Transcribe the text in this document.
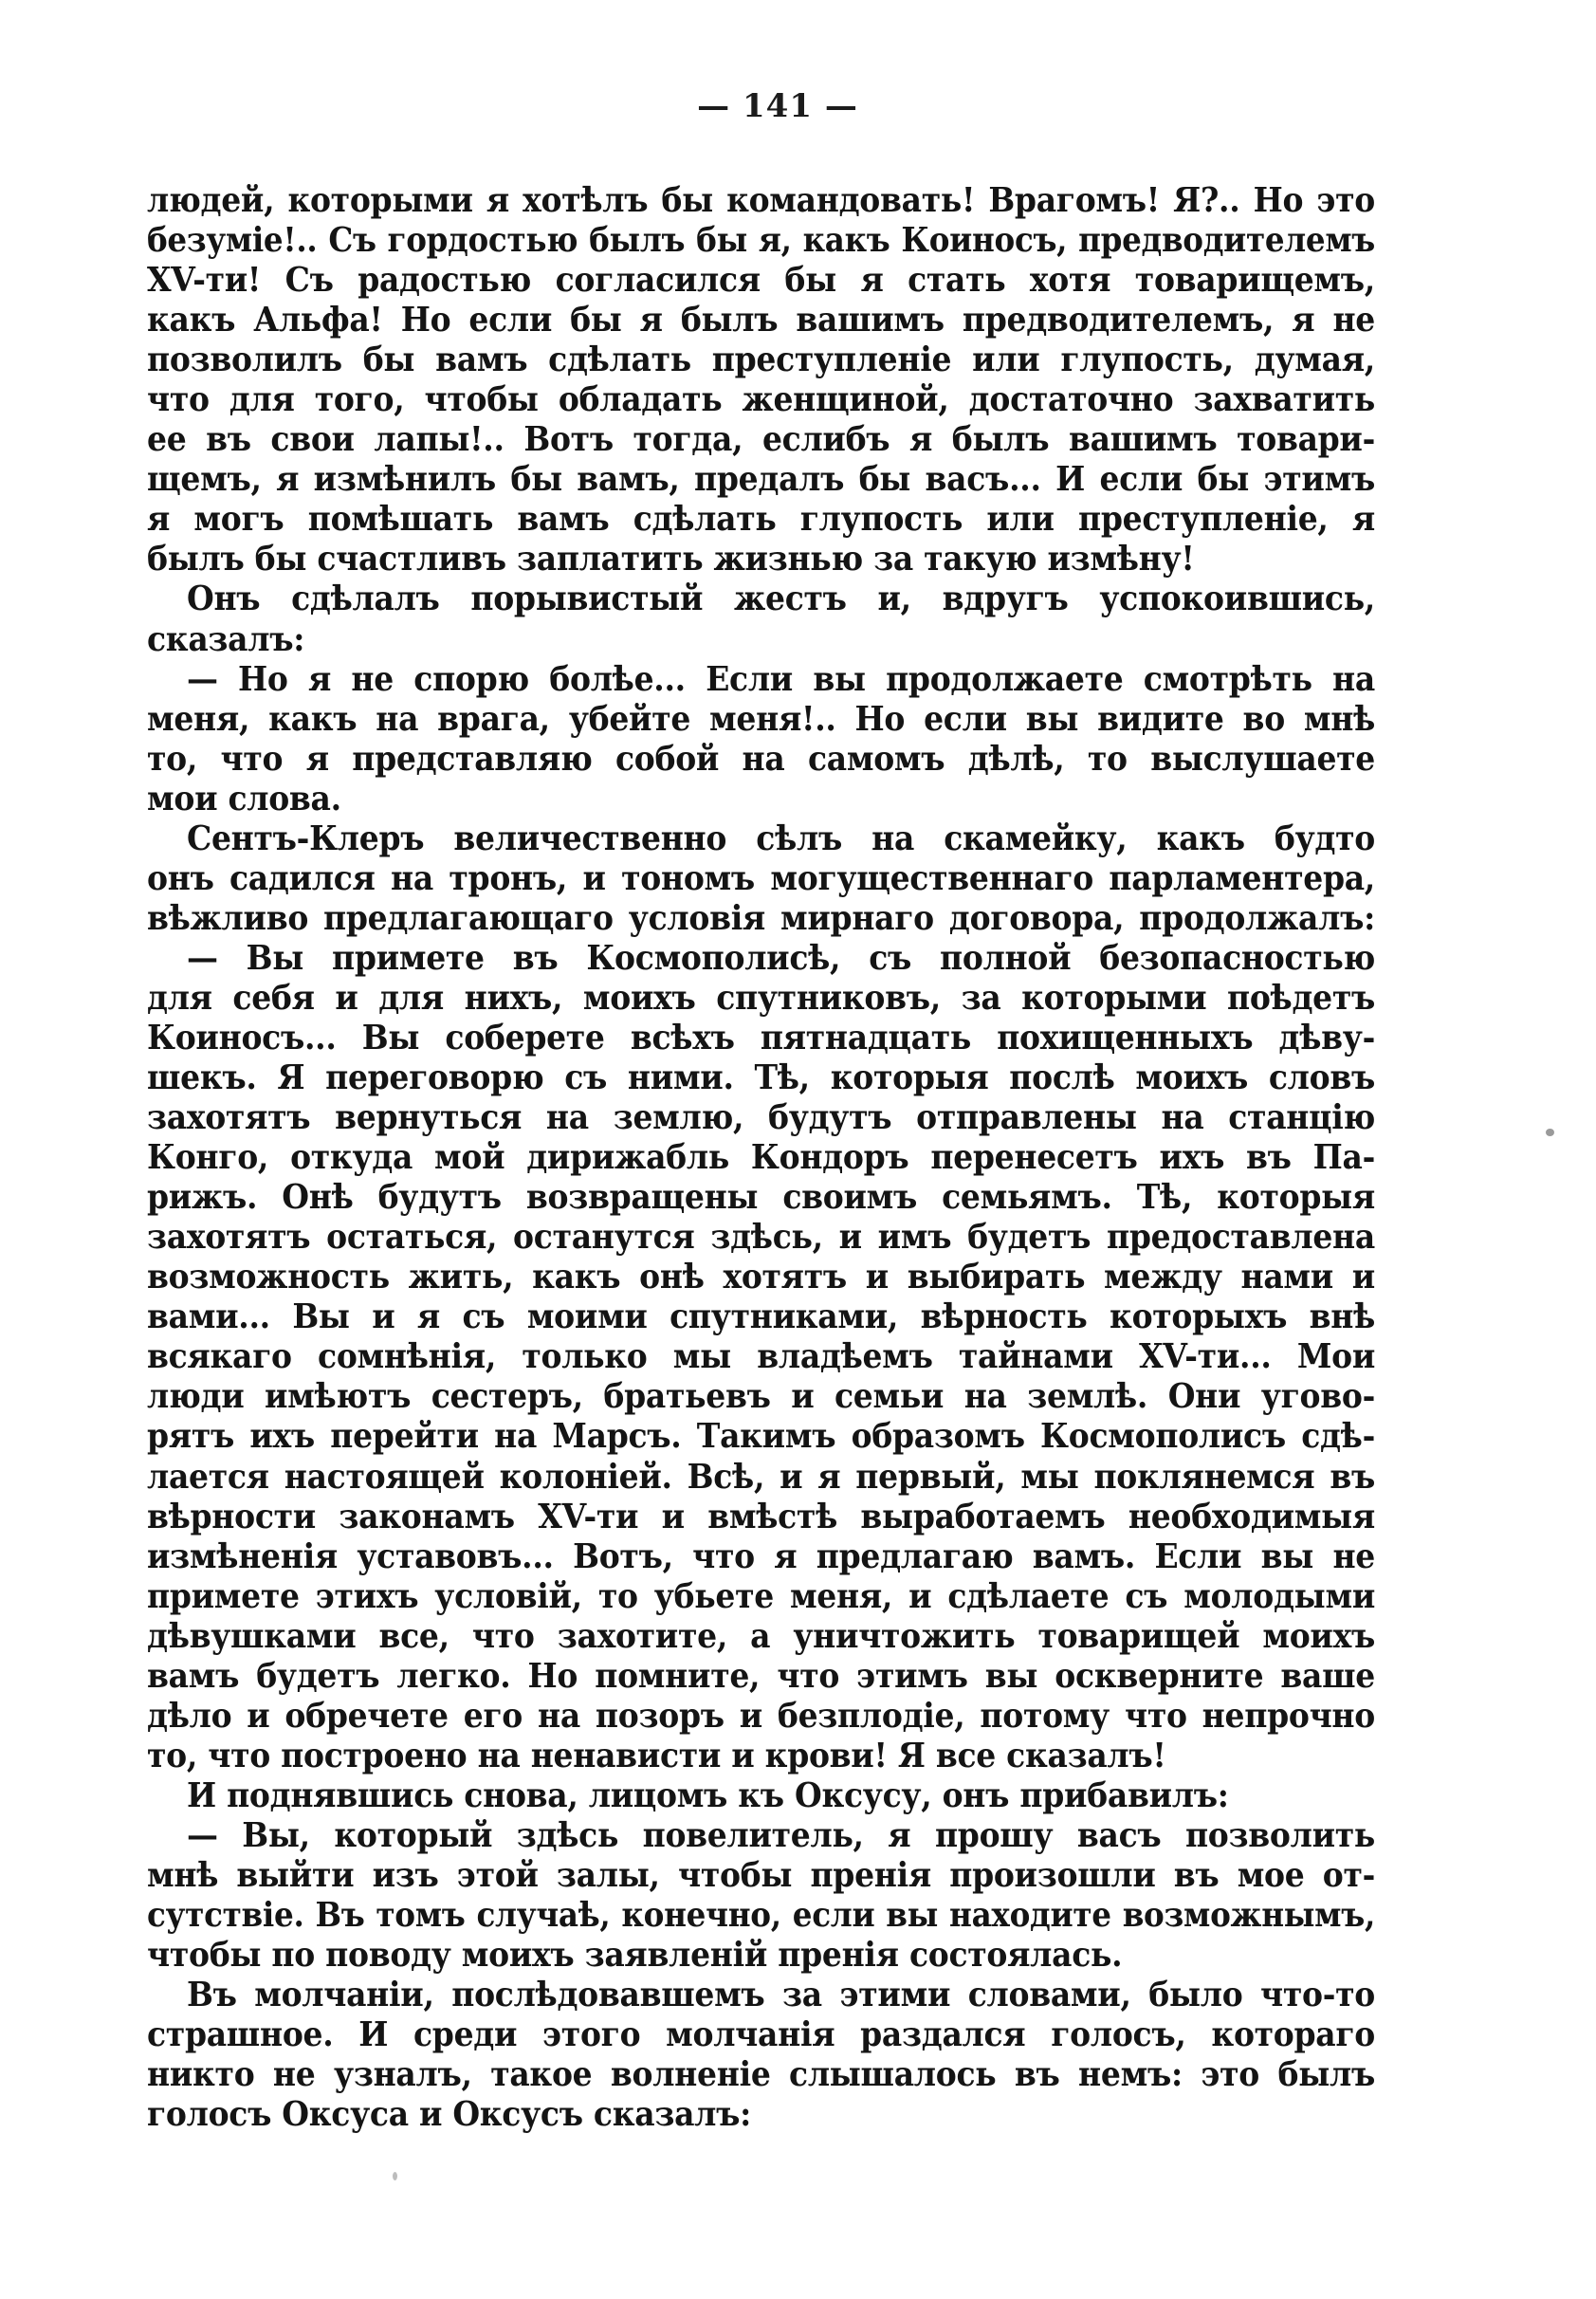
— 141 —
людей, которыми я хотѣлъ бы командовать! Врагомъ! Я?.. Но это
безуміе!.. Съ гордостью былъ бы я, какъ Коиносъ, предводителемъ
XV-ти! Съ радостью согласился бы я стать хотя товарищемъ,
какъ Альфа! Но если бы я былъ вашимъ предводителемъ, я не
позволилъ бы вамъ сдѣлать преступленіе или глупость, думая,
что для того, чтобы обладать женщиной, достаточно захватить
ее въ свои лапы!.. Вотъ тогда, еслибъ я былъ вашимъ товари-
щемъ, я измѣнилъ бы вамъ, предалъ бы васъ... И если бы этимъ
я могъ помѣшать вамъ сдѣлать глупость или преступленіе, я
былъ бы счастливъ заплатить жизнью за такую измѣну!
Онъ сдѣлалъ порывистый жестъ и, вдругъ успокоившись,
сказалъ:
— Но я не спорю болѣе... Если вы продолжаете смотрѣть на
меня, какъ на врага, убейте меня!.. Но если вы видите во мнѣ
то, что я представляю собой на самомъ дѣлѣ, то выслушаете
мои слова.
Сентъ-Клеръ величественно сѣлъ на скамейку, какъ будто
онъ садился на тронъ, и тономъ могущественнаго парламентера,
вѣжливо предлагающаго условія мирнаго договора, продолжалъ:
— Вы примете въ Космополисѣ, съ полной безопасностью
для себя и для нихъ, моихъ спутниковъ, за которыми поѣдетъ
Коиносъ... Вы соберете всѣхъ пятнадцать похищенныхъ дѣву-
шекъ. Я переговорю съ ними. Тѣ, которыя послѣ моихъ словъ
захотятъ вернуться на землю, будутъ отправлены на станцію
Конго, откуда мой дирижабль Кондоръ перенесетъ ихъ въ Па-
рижъ. Онѣ будутъ возвращены своимъ семьямъ. Тѣ, которыя
захотятъ остаться, останутся здѣсь, и имъ будетъ предоставлена
возможность жить, какъ онѣ хотятъ и выбирать между нами и
вами... Вы и я съ моими спутниками, вѣрность которыхъ внѣ
всякаго сомнѣнія, только мы владѣемъ тайнами XV-ти... Мои
люди имѣютъ сестеръ, братьевъ и семьи на землѣ. Они угово-
рятъ ихъ перейти на Марсъ. Такимъ образомъ Космополисъ сдѣ-
лается настоящей колоніей. Всѣ, и я первый, мы поклянемся въ
вѣрности законамъ XV-ти и вмѣстѣ выработаемъ необходимыя
измѣненія уставовъ... Вотъ, что я предлагаю вамъ. Если вы не
примете этихъ условій, то убьете меня, и сдѣлаете съ молодыми
дѣвушками все, что захотите, а уничтожить товарищей моихъ
вамъ будетъ легко. Но помните, что этимъ вы осквернитe ваше
дѣло и обречете его на позоръ и безплодіе, потому что непрочно
то, что построено на ненависти и крови! Я все сказалъ!
И поднявшись снова, лицомъ къ Оксусу, онъ прибавилъ:
— Вы, который здѣсь повелитель, я прошу васъ позволить
мнѣ выйти изъ этой залы, чтобы пренія произошли въ мое от-
сутствіе. Въ томъ случаѣ, конечно, если вы находите возможнымъ,
чтобы по поводу моихъ заявленій пренія состоялась.
Въ молчаніи, послѣдовавшемъ за этими словами, было что-то
страшное. И среди этого молчанія раздался голосъ, котораго
никто не узналъ, такое волненіе слышалось въ немъ: это былъ
голосъ Оксуса и Оксусъ сказалъ:
